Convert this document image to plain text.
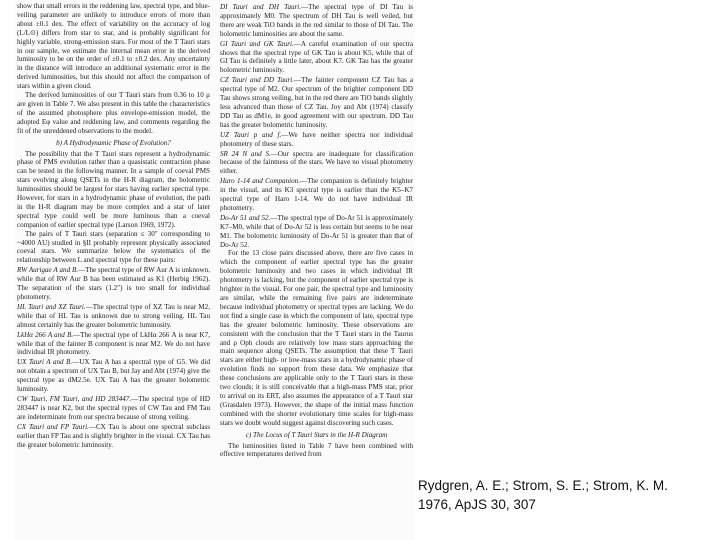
show that small errors in the reddening law, spectral type, and blue-veiling parameter are unlikely to introduce errors of more than about ±0.1 dex. The effect of variability on the accuracy of log (L/L⊙) differs from star to star, and is probably significant for highly variable, strong-emission stars. For most of the T Tauri stars in our sample, we estimate the internal mean error in the derived luminosity to be on the order of ±0.1 to ±0.2 dex. Any uncertainty in the distance will introduce an additional systematic error in the derived luminosities, but this should not affect the comparison of stars within a given cloud.

The derived luminosities of our T Tauri stars from 0.36 to 10 μ are given in Table 7. We also present in this table the characteristics of the assumed photosphere plus envelope-emission model, the adopted Eφ value and reddening law, and comments regarding the fit of the unreddened observations to the model.

b) A Hydrodynamic Phase of Evolution?

The possibility that the T Tauri stars represent a hydrodynamic phase of PMS evolution rather than a quasistatic contraction phase can be tested in the following manner. In a sample of coeval PMS stars evolving along QSETs in the H-R diagram, the bolometric luminosities should be largest for stars having earlier spectral type. However, for stars in a hydrodynamic phase of evolution, the path in the H-R diagram may be more complex and a star of later spectral type could well be more luminous than a coeval companion of earlier spectral type (Larson 1969, 1972).

The pairs of T Tauri stars (separation ≤ 30″ corresponding to ~4000 AU) studied in §II probably represent physically associated coeval stars. We summarize below the systematics of the relationship between L and spectral type for these pairs:

RW Aurigae A and B.—The spectral type of RW Aur A is unknown, while that of RW Aur B has been estimated as K1 (Herbig 1962). The separation of the stars (1.2″) is too small for individual photometry.

HL Tauri and XZ Tauri.—The spectral type of XZ Tau is near M2, while that of HL Tau is unknown due to strong veiling. HL Tau almost certainly has the greater bolometric luminosity.

LkHα 266 A and B.—The spectral type of LkHα 266 A is near K7, while that of the fainter B component is near M2. We do not have individual IR photometry.

UX Tauri A and B.—UX Tau A has a spectral type of G5. We did not obtain a spectrum of UX Tau B, but Jay and Abt (1974) give the spectral type as dM2.5e. UX Tau A has the greater bolometric luminosity.

CW Tauri, FM Tauri, and HD 283447.—The spectral type of HD 283447 is near K2, but the spectral types of CW Tau and FM Tau are indeterminate from our spectra because of strong veiling.

CX Tauri and FP Tauri.—CX Tau is about one spectral subclass earlier than FP Tau and is slightly brighter in the visual. CX Tau has the greater bolometric luminosity.

DI Tauri and DH Tauri.—The spectral type of DI Tau is approximately M0. The spectrum of DH Tau is well veiled, but there are weak TiO bands in the red similar to those of DI Tau. The bolometric luminosities are about the same.

GI Tauri and GK Tauri.—A careful examination of our spectra shows that the spectral type of GK Tau is about K5, while that of GI Tau is definitely a little later, about K7. GK Tau has the greater bolometric luminosity.

CZ Tauri and DD Tauri.—The fainter component CZ Tau has a spectral type of M2. Our spectrum of the brighter component DD Tau shows strong veiling, but in the red there are TiO bands slightly less advanced than those of CZ Tau. Joy and Abt (1974) classify DD Tau as dM1e, in good agreement with our spectrum. DD Tau has the greater bolometric luminosity.

UZ Tauri p and f.—We have neither spectra nor individual photometry of these stars.

SR 24 N and S.—Our spectra are inadequate for classification because of the faintness of the stars. We have no visual photometry either.

Haro 1-14 and Companion.—The companion is definitely brighter in the visual, and its K3 spectral type is earlier than the K5–K7 spectral type of Haro 1-14. We do not have individual IR photometry.

Do-Ar 51 and 52.—The spectral type of Do-Ar 51 is approximately K7–M0, while that of Do-Ar 52 is less certain but seems to be near M1. The bolometric luminosity of Do-Ar 51 is greater than that of Do-Ar 52.

For the 13 close pairs discussed above, there are five cases in which the component of earlier spectral type has the greater bolometric luminosity and two cases in which individual IR photometry is lacking, but the component of earlier spectral type is brighter in the visual. For one pair, the spectral type and luminosity are similar, while the remaining five pairs are indeterminate because individual photometry or spectral types are lacking. We do not find a single case in which the component of late, spectral type has the greater bolometric luminosity. These observations are consistent with the conclusion that the T Tauri stars in the Taurus and ρ Oph clouds are relatively low mass stars approaching the main sequence along QSETs. The assumption that these T Tauri stars are either high- or low-mass stars in a hydrodynamic phase of evolution finds no support from these data. We emphasize that these conclusions are applicable only to the T Tauri stars in these two clouds; it is still conceivable that a high-mass PMS star, prior to arrival on its ERT, also assumes the appearance of a T Tauri star (Grasdalen 1973). However, the shape of the initial mass function combined with the shorter evolutionary time scales for high-mass stars we doubt would suggest against discovering such cases.

c) The Locus of T Tauri Stars in the H-R Diagram

The luminosities listed in Table 7 have been combined with effective temperatures derived from

Rydgren, A. E.; Strom, S. E.; Strom, K. M.
1976, ApJS 30, 307
